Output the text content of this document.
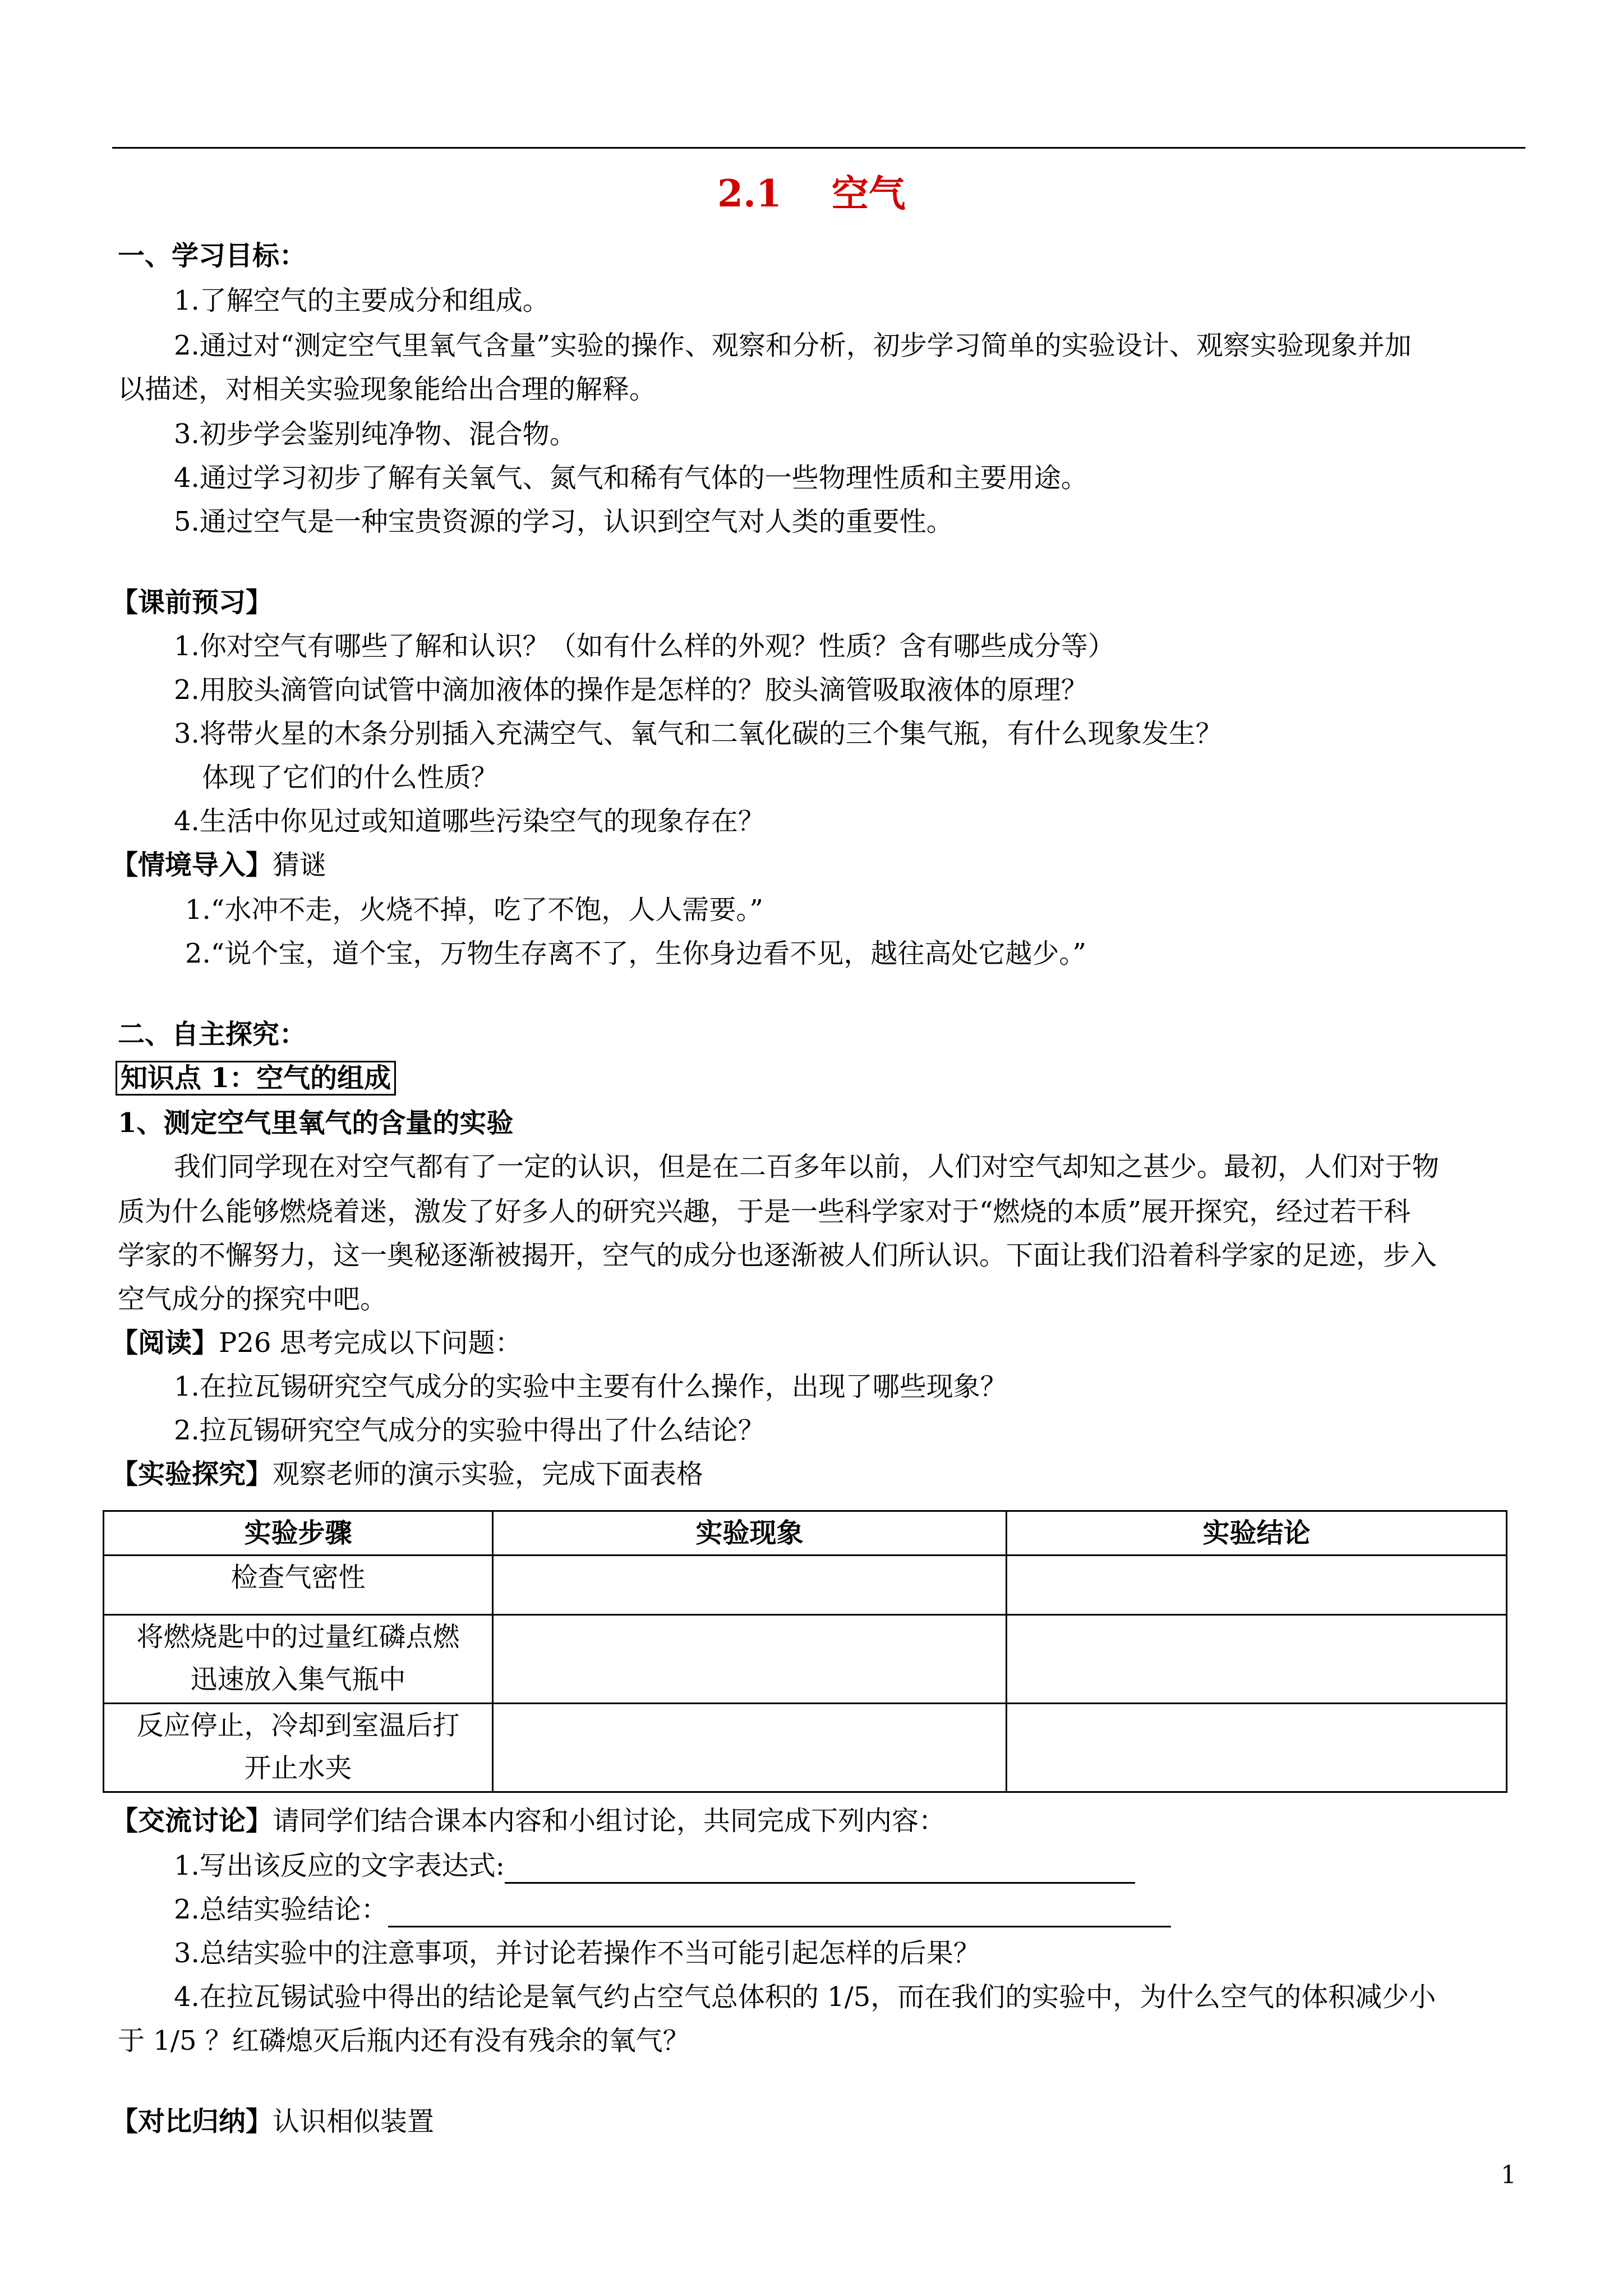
2.1　 空气
一、学习目标：
1.了解空气的主要成分和组成。
2.通过对“测定空气里氧气含量”实验的操作、观察和分析，初步学习简单的实验设计、观察实验现象并加
以描述，对相关实验现象能给出合理的解释。
3.初步学会鉴别纯净物、混合物。
4.通过学习初步了解有关氧气、氮气和稀有气体的一些物理性质和主要用途。
5.通过空气是一种宝贵资源的学习，认识到空气对人类的重要性。
【课前预习】
1.你对空气有哪些了解和认识？（如有什么样的外观？性质？含有哪些成分等）
2.用胶头滴管向试管中滴加液体的操作是怎样的？胶头滴管吸取液体的原理？
3.将带火星的木条分别插入充满空气、氧气和二氧化碳的三个集气瓶，有什么现象发生？
体现了它们的什么性质？
4.生活中你见过或知道哪些污染空气的现象存在？
【情境导入】猜谜
1.“水冲不走，火烧不掉，吃了不饱，人人需要。”
2.“说个宝，道个宝，万物生存离不了，生你身边看不见，越往高处它越少。”
二、自主探究：
知识点 1：空气的组成
1、测定空气里氧气的含量的实验
我们同学现在对空气都有了一定的认识，但是在二百多年以前，人们对空气却知之甚少。最初，人们对于物
质为什么能够燃烧着迷，激发了好多人的研究兴趣，于是一些科学家对于“燃烧的本质”展开探究，经过若干科
学家的不懈努力，这一奥秘逐渐被揭开，空气的成分也逐渐被人们所认识。下面让我们沿着科学家的足迹，步入
空气成分的探究中吧。
【阅读】P26 思考完成以下问题：
1.在拉瓦锡研究空气成分的实验中主要有什么操作，出现了哪些现象？
2.拉瓦锡研究空气成分的实验中得出了什么结论？
【实验探究】观察老师的演示实验，完成下面表格
实验步骤	实验现象	实验结论

检查气密性		

将燃烧匙中的过量红磷点燃
迅速放入集气瓶中		

反应停止，冷却到室温后打
开止水夹		

【交流讨论】请同学们结合课本内容和小组讨论，共同完成下列内容：
1.写出该反应的文字表达式:
2.总结实验结论：
3.总结实验中的注意事项，并讨论若操作不当可能引起怎样的后果？
4.在拉瓦锡试验中得出的结论是氧气约占空气总体积的 1/5，而在我们的实验中，为什么空气的体积减少小
于 1/5 ？红磷熄灭后瓶内还有没有残余的氧气？
【对比归纳】认识相似装置
1
